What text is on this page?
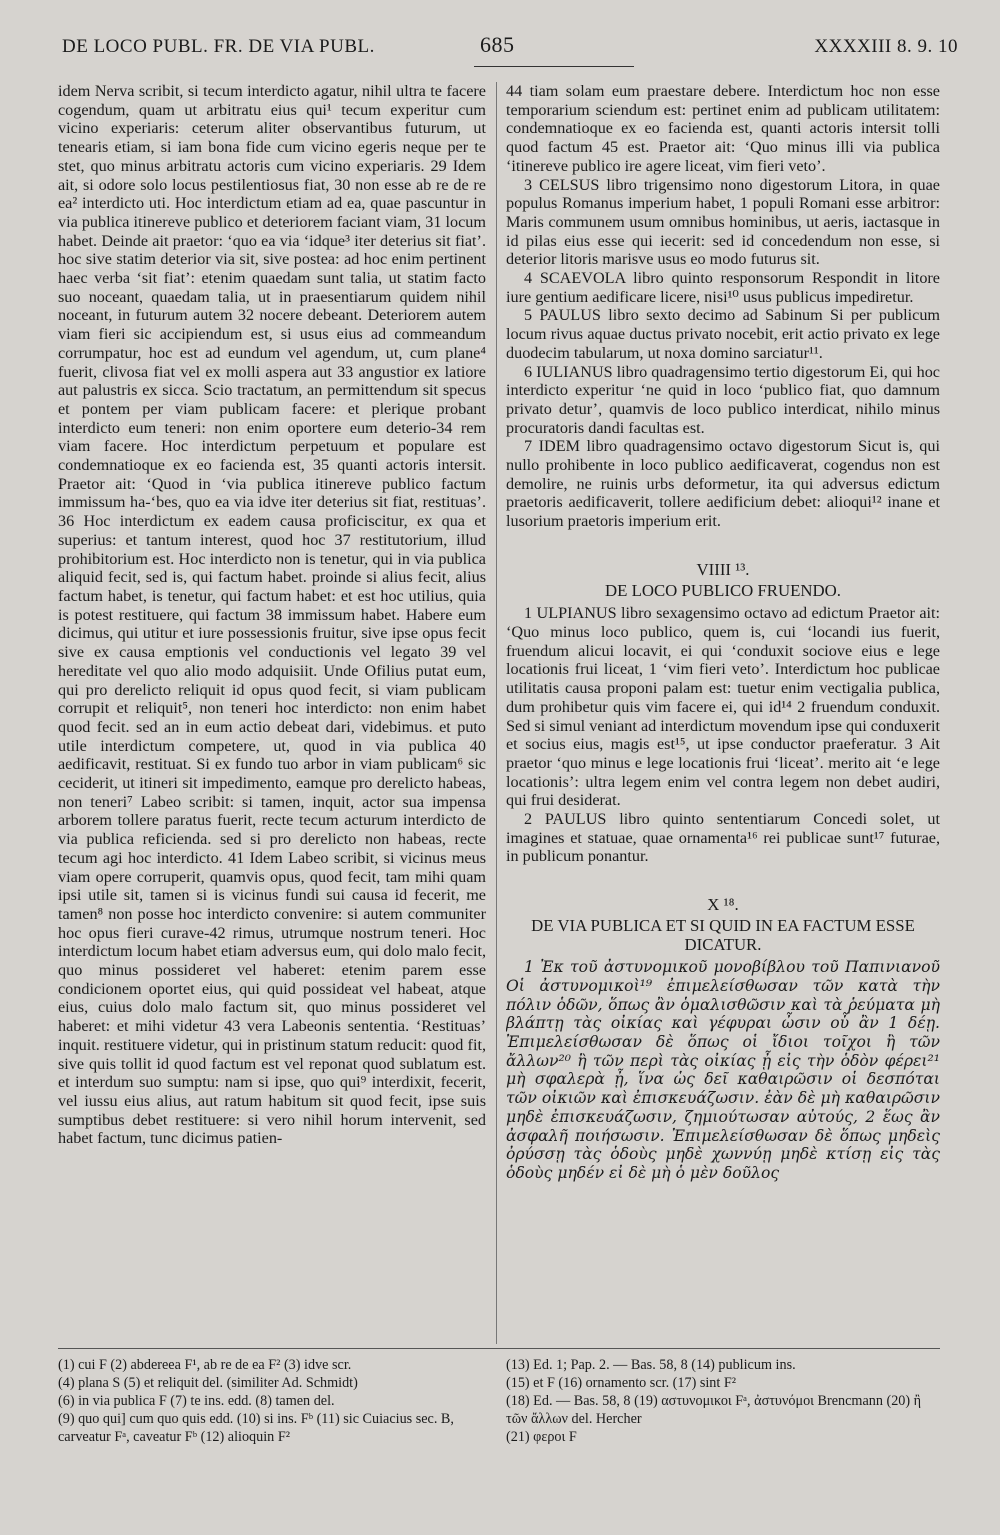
DE LOCO PUBL. FR. DE VIA PUBL.	685	XXXXIII 8. 9. 10

idem Nerva scribit, si tecum interdicto agatur, nihil ultra te facere cogendum, quam ut arbitratu eius qui¹ tecum experitur cum vicino experiaris: ceterum aliter observantibus futurum, ut tenearis etiam, si iam bona fide cum vicino egeris neque per te stet, quo minus arbitratu actoris cum vicino experiaris. 29 Idem ait, si odore solo locus pestilentiosus fiat, 30 non esse ab re de re ea² interdicto uti. Hoc interdictum etiam ad ea, quae pascuntur in via publica itinereve publico et deteriorem faciant viam, 31 locum habet. Deinde ait praetor: ‘quo ea via ‘idque³ iter deterius sit fiat’. hoc sive statim deterior via sit, sive postea: ad hoc enim pertinent haec verba ‘sit fiat’: etenim quaedam sunt talia, ut statim facto suo noceant, quaedam talia, ut in praesentiarum quidem nihil noceant, in futurum autem 32 nocere debeant. Deteriorem autem viam fieri sic accipiendum est, si usus eius ad commeandum corrumpatur, hoc est ad eundum vel agendum, ut, cum plane⁴ fuerit, clivosa fiat vel ex molli aspera aut 33 angustior ex latiore aut palustris ex sicca. Scio tractatum, an permittendum sit specus et pontem per viam publicam facere: et plerique probant interdicto eum teneri: non enim oportere eum deterio-34 rem viam facere. Hoc interdictum perpetuum et populare est condemnatioque ex eo facienda est, 35 quanti actoris intersit. Praetor ait: ‘Quod in ‘via publica itinereve publico factum immissum ha-‘bes, quo ea via idve iter deterius sit fiat, restituas’. 36 Hoc interdictum ex eadem causa proficiscitur, ex qua et superius: et tantum interest, quod hoc 37 restitutorium, illud prohibitorium est. Hoc interdicto non is tenetur, qui in via publica aliquid fecit, sed is, qui factum habet. proinde si alius fecit, alius factum habet, is tenetur, qui factum habet: et est hoc utilius, quia is potest restituere, qui factum 38 immissum habet. Habere eum dicimus, qui utitur et iure possessionis fruitur, sive ipse opus fecit sive ex causa emptionis vel conductionis vel legato 39 vel hereditate vel quo alio modo adquisiit. Unde Ofilius putat eum, qui pro derelicto reliquit id opus quod fecit, si viam publicam corrupit et reliquit⁵, non teneri hoc interdicto: non enim habet quod fecit. sed an in eum actio debeat dari, videbimus. et puto utile interdictum competere, ut, quod in via publica 40 aedificavit, restituat. Si ex fundo tuo arbor in viam publicam⁶ sic ceciderit, ut itineri sit impedimento, eamque pro derelicto habeas, non teneri⁷ Labeo scribit: si tamen, inquit, actor sua impensa arborem tollere paratus fuerit, recte tecum acturum interdicto de via publica reficienda. sed si pro derelicto non habeas, recte tecum agi hoc interdicto. 41 Idem Labeo scribit, si vicinus meus viam opere corruperit, quamvis opus, quod fecit, tam mihi quam ipsi utile sit, tamen si is vicinus fundi sui causa id fecerit, me tamen⁸ non posse hoc interdicto convenire: si autem communiter hoc opus fieri curave-42 rimus, utrumque nostrum teneri. Hoc interdictum locum habet etiam adversus eum, qui dolo malo fecit, quo minus possideret vel haberet: etenim parem esse condicionem oportet eius, qui quid possideat vel habeat, atque eius, cuius dolo malo factum sit, quo minus possideret vel haberet: et mihi videtur 43 vera Labeonis sententia. ‘Restituas’ inquit. restituere videtur, qui in pristinum statum reducit: quod fit, sive quis tollit id quod factum est vel reponat quod sublatum est. et interdum suo sumptu: nam si ipse, quo qui⁹ interdixit, fecerit, vel iussu eius alius, aut ratum habitum sit quod fecit, ipse suis sumptibus debet restituere: si vero nihil horum intervenit, sed habet factum, tunc dicimus patien-

44 tiam solam eum praestare debere. Interdictum hoc non esse temporarium sciendum est: pertinet enim ad publicam utilitatem: condemnatioque ex eo facienda est, quanti actoris intersit tolli quod factum 45 est. Praetor ait: ‘Quo minus illi via publica ‘itinereve publico ire agere liceat, vim fieri veto’.

3 CELSUS libro trigensimo nono digestorum Litora, in quae populus Romanus imperium habet, 1 populi Romani esse arbitror: Maris communem usum omnibus hominibus, ut aeris, iactasque in id pilas eius esse qui iecerit: sed id concedendum non esse, si deterior litoris marisve usus eo modo futurus sit.

4 SCAEVOLA libro quinto responsorum Respondit in litore iure gentium aedificare licere, nisi¹⁰ usus publicus impediretur.

5 PAULUS libro sexto decimo ad Sabinum Si per publicum locum rivus aquae ductus privato nocebit, erit actio privato ex lege duodecim tabularum, ut noxa domino sarciatur¹¹.

6 IULIANUS libro quadragensimo tertio digestorum Ei, qui hoc interdicto experitur ‘ne quid in loco ‘publico fiat, quo damnum privato detur’, quamvis de loco publico interdicat, nihilo minus procuratoris dandi facultas est.

7 IDEM libro quadragensimo octavo digestorum Sicut is, qui nullo prohibente in loco publico aedificaverat, cogendus non est demolire, ne ruinis urbs deformetur, ita qui adversus edictum praetoris aedificaverit, tollere aedificium debet: alioqui¹² inane et lusorium praetoris imperium erit.

VIIII ¹³.

DE LOCO PUBLICO FRUENDO.

1 ULPIANUS libro sexagensimo octavo ad edictum Praetor ait: ‘Quo minus loco publico, quem is, cui ‘locandi ius fuerit, fruendum alicui locavit, ei qui ‘conduxit sociove eius e lege locationis frui liceat, 1 ‘vim fieri veto’. Interdictum hoc publicae utilitatis causa proponi palam est: tuetur enim vectigalia publica, dum prohibetur quis vim facere ei, qui id¹⁴ 2 fruendum conduxit. Sed si simul veniant ad interdictum movendum ipse qui conduxerit et socius eius, magis est¹⁵, ut ipse conductor praeferatur. 3 Ait praetor ‘quo minus e lege locationis frui ‘liceat’. merito ait ‘e lege locationis’: ultra legem enim vel contra legem non debet audiri, qui frui desiderat.

2 PAULUS libro quinto sententiarum Concedi solet, ut imagines et statuae, quae ornamenta¹⁶ rei publicae sunt¹⁷ futurae, in publicum ponantur.

X ¹⁸.

DE VIA PUBLICA ET SI QUID IN EA FACTUM ESSE DICATUR.

1 Ἐκ τοῦ ἀστυνομικοῦ μονοβίβλου τοῦ Παπινιανοῦ Οἱ ἀστυνομικοὶ¹⁹ ἐπιμελείσθωσαν τῶν κατὰ τὴν πόλιν ὁδῶν, ὅπως ἂν ὁμαλισθῶσιν καὶ τὰ ῥεύματα μὴ βλάπτῃ τὰς οἰκίας καὶ γέφυραι ὦσιν οὗ ἂν 1 δέῃ. Ἐπιμελείσθωσαν δὲ ὅπως οἱ ἴδιοι τοῖχοι ἢ τῶν ἄλλων²⁰ ἢ τῶν περὶ τὰς οἰκίας ᾖ εἰς τὴν ὁδὸν φέρει²¹ μὴ σφαλερὰ ᾖ, ἵνα ὡς δεῖ καθαιρῶσιν οἱ δεσπόται τῶν οἰκιῶν καὶ ἐπισκευάζωσιν. ἐὰν δὲ μὴ καθαιρῶσιν μηδὲ ἐπισκευάζωσιν, ζημιούτωσαν αὐτούς, 2 ἕως ἂν ἀσφαλῆ ποιήσωσιν. Ἐπιμελείσθωσαν δὲ ὅπως μηδεὶς ὀρύσσῃ τὰς ὁδοὺς μηδὲ χωννύῃ μηδὲ κτίσῃ εἰς τὰς ὁδοὺς μηδέν εἰ δὲ μὴ ὁ μὲν δοῦλος

(1) cui F (2) abdereea F¹, ab re de ea F² (3) idve scr.

(4) plana S (5) et reliquit del. (similiter Ad. Schmidt)

(6) in via publica F (7) te ins. edd. (8) tamen del.

(9) quo qui] cum quo quis edd. (10) si ins. Fᵇ (11) sic Cuiacius sec. B, carveatur Fᵃ, caveatur Fᵇ (12) alioquin F²

(13) Ed. 1; Pap. 2. — Bas. 58, 8 (14) publicum ins.

(15) et F (16) ornamento scr. (17) sint F²

(18) Ed. — Bas. 58, 8 (19) αστυνομικοι Fᵃ, ἀστυνόμοι Brencmann (20) ἢ τῶν ἄλλων del. Hercher

(21) φεροι F
